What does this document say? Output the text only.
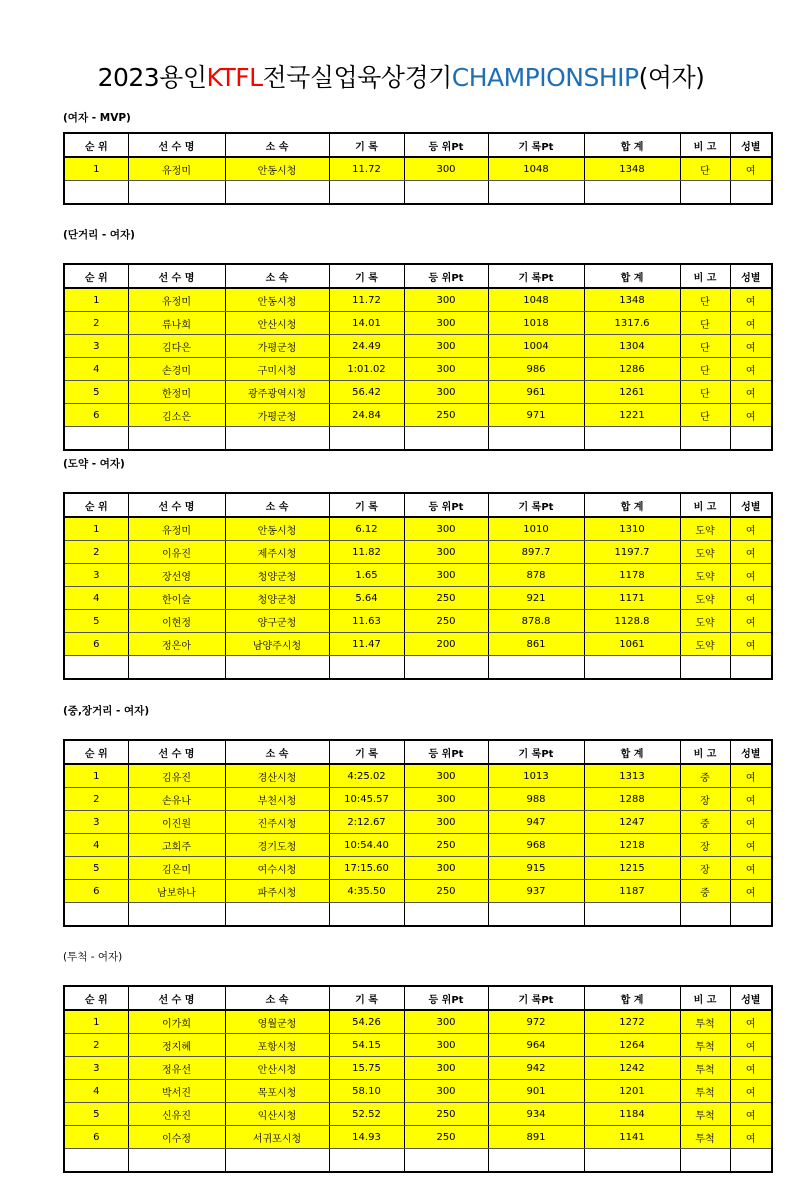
2023용인KTFL전국실업육상경기CHAMPIONSHIP(여자)
(여자 - MVP)
순 위	선 수 명	소 속	기 록	등 위Pt	기 록Pt	합 계	비 고	성별
1	유정미	안동시청	11.72	300	1048	1348	단	여

(단거리 - 여자)
순 위	선 수 명	소 속	기 록	등 위Pt	기 록Pt	합 계	비 고	성별
1	유정미	안동시청	11.72	300	1048	1348	단	여
2	류나희	안산시청	14.01	300	1018	1317.6	단	여
3	김다은	가평군청	24.49	300	1004	1304	단	여
4	손경미	구미시청	1:01.02	300	986	1286	단	여
5	한정미	광주광역시청	56.42	300	961	1261	단	여
6	김소은	가평군청	24.84	250	971	1221	단	여

(도약 - 여자)
순 위	선 수 명	소 속	기 록	등 위Pt	기 록Pt	합 계	비 고	성별
1	유정미	안동시청	6.12	300	1010	1310	도약	여
2	이유진	제주시청	11.82	300	897.7	1197.7	도약	여
3	장선영	청양군청	1.65	300	878	1178	도약	여
4	한이슬	청양군청	5.64	250	921	1171	도약	여
5	이현정	양구군청	11.63	250	878.8	1128.8	도약	여
6	정은아	남양주시청	11.47	200	861	1061	도약	여

(중,장거리 - 여자)
순 위	선 수 명	소 속	기 록	등 위Pt	기 록Pt	합 계	비 고	성별
1	김유진	경산시청	4:25.02	300	1013	1313	중	여
2	손유나	부천시청	10:45.57	300	988	1288	장	여
3	이진원	진주시청	2:12.67	300	947	1247	중	여
4	고희주	경기도청	10:54.40	250	968	1218	장	여
5	김은미	여수시청	17:15.60	300	915	1215	장	여
6	남보하나	파주시청	4:35.50	250	937	1187	중	여

(투척 - 여자)
순 위	선 수 명	소 속	기 록	등 위Pt	기 록Pt	합 계	비 고	성별
1	이가희	영월군청	54.26	300	972	1272	투척	여
2	정지혜	포항시청	54.15	300	964	1264	투척	여
3	정유선	안산시청	15.75	300	942	1242	투척	여
4	박서진	목포시청	58.10	300	901	1201	투척	여
5	신유진	익산시청	52.52	250	934	1184	투척	여
6	이수정	서귀포시청	14.93	250	891	1141	투척	여
